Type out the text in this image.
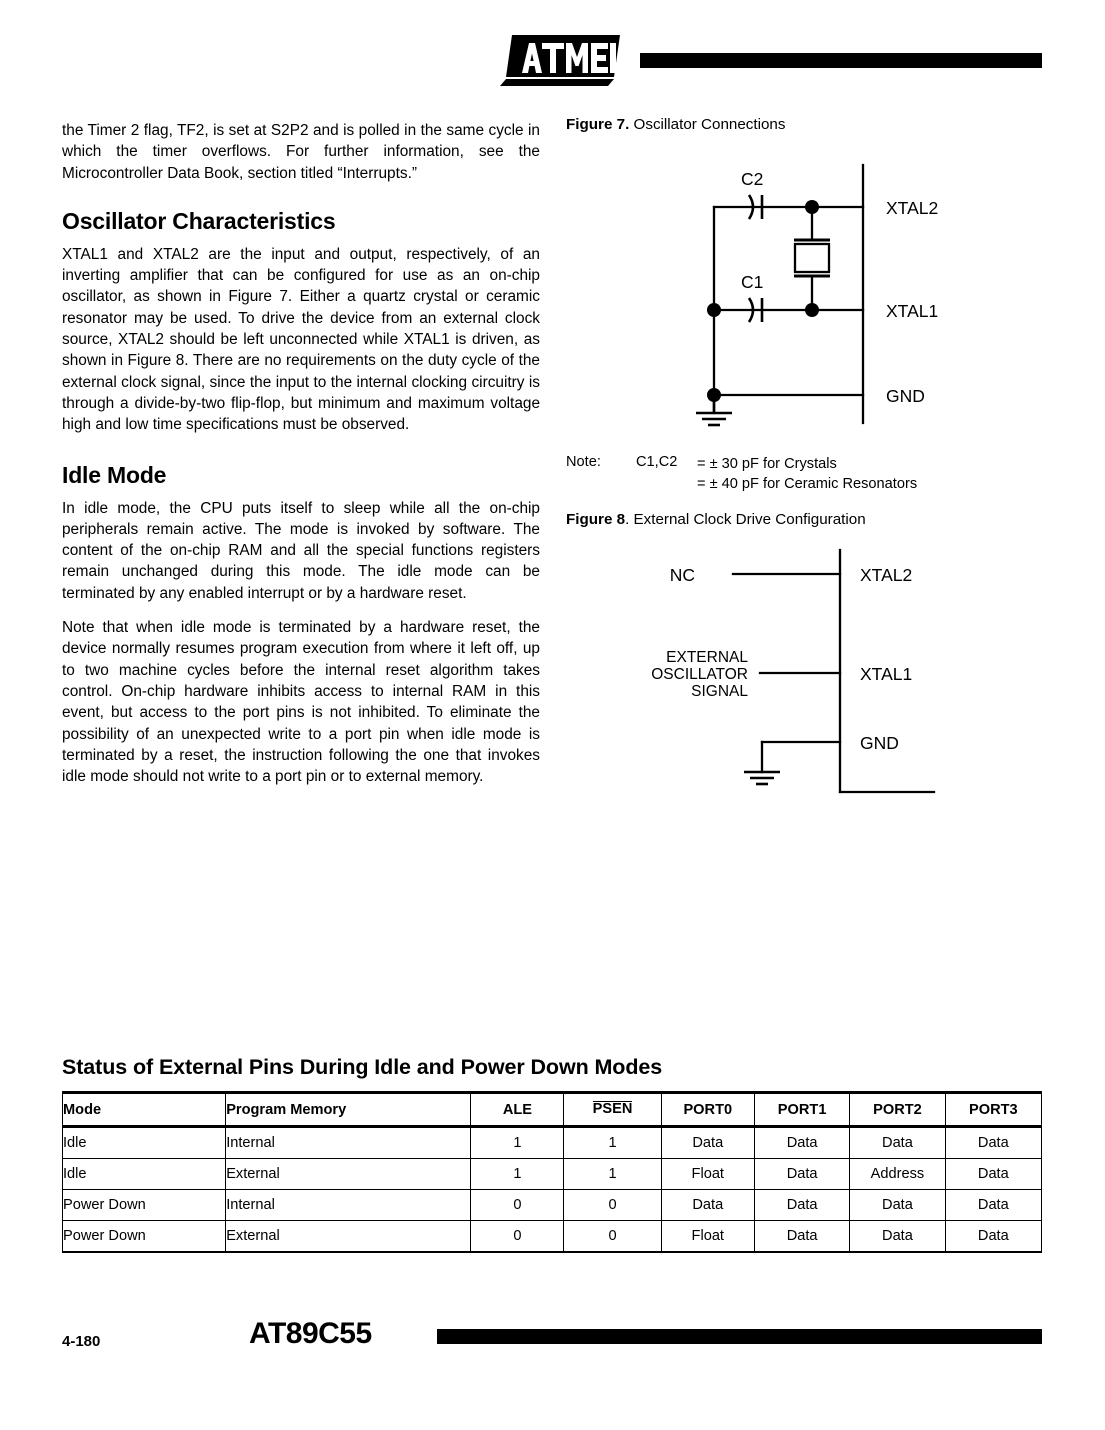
the Timer 2 flag, TF2, is set at S2P2 and is polled in the same cycle in which the timer overflows. For further information, see the Microcontroller Data Book, section titled “Interrupts.”

Oscillator Characteristics

XTAL1 and XTAL2 are the input and output, respectively, of an inverting amplifier that can be configured for use as an on-chip oscillator, as shown in Figure 7. Either a quartz crystal or ceramic resonator may be used. To drive the device from an external clock source, XTAL2 should be left unconnected while XTAL1 is driven, as shown in Figure 8. There are no requirements on the duty cycle of the external clock signal, since the input to the internal clocking circuitry is through a divide-by-two flip-flop, but minimum and maximum voltage high and low time specifications must be observed.

Idle Mode

In idle mode, the CPU puts itself to sleep while all the on-chip peripherals remain active. The mode is invoked by software. The content of the on-chip RAM and all the special functions registers remain unchanged during this mode. The idle mode can be terminated by any enabled interrupt or by a hardware reset.

Note that when idle mode is terminated by a hardware reset, the device normally resumes program execution from where it left off, up to two machine cycles before the internal reset algorithm takes control. On-chip hardware inhibits access to internal RAM in this event, but access to the port pins is not inhibited. To eliminate the possibility of an unexpected write to a port pin when idle mode is terminated by a reset, the instruction following the one that invokes idle mode should not write to a port pin or to external memory.

Figure 7. Oscillator Connections
C2
C1
XTAL2
XTAL1
GND
Note: C1,C2 = ± 30 pF for Crystals
= ± 40 pF for Ceramic Resonators
Figure 8. External Clock Drive Configuration
NC
EXTERNAL
OSCILLATOR
SIGNAL
XTAL2
XTAL1
GND
Status of External Pins During Idle and Power Down Modes
Mode	Program Memory	ALE	PSEN	PORT0	PORT1	PORT2	PORT3
Idle	Internal	1	1	Data	Data	Data	Data
Idle	External	1	1	Float	Data	Address	Data
Power Down	Internal	0	0	Data	Data	Data	Data
Power Down	External	0	0	Float	Data	Data	Data
4-180	AT89C55
